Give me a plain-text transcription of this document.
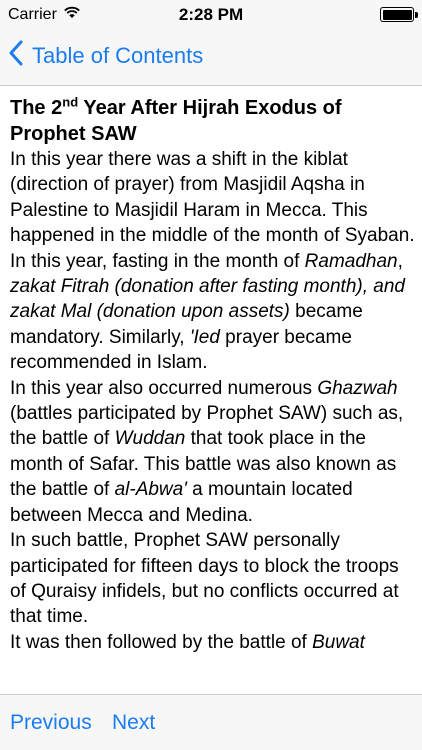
Carrier	2:28 PM
Table of Contents
The 2nd Year After Hijrah Exodus of Prophet SAW

In this year there was a shift in the kiblat (direction of prayer) from Masjidil Aqsha in Palestine to Masjidil Haram in Mecca. This happened in the middle of the month of Syaban.

In this year, fasting in the month of Ramadhan, zakat Fitrah (donation after fasting month), and zakat Mal (donation upon assets) became mandatory. Similarly, 'Ied prayer became recommended in Islam.

In this year also occurred numerous Ghazwah (battles participated by Prophet SAW) such as, the battle of Wuddan that took place in the month of Safar. This battle was also known as the battle of al-Abwa' a mountain located between Mecca and Medina.

In such battle, Prophet SAW personally participated for fifteen days to block the troops of Quraisy infidels, but no conflicts occurred at that time.

It was then followed by the battle of Buwat

Previous Next
